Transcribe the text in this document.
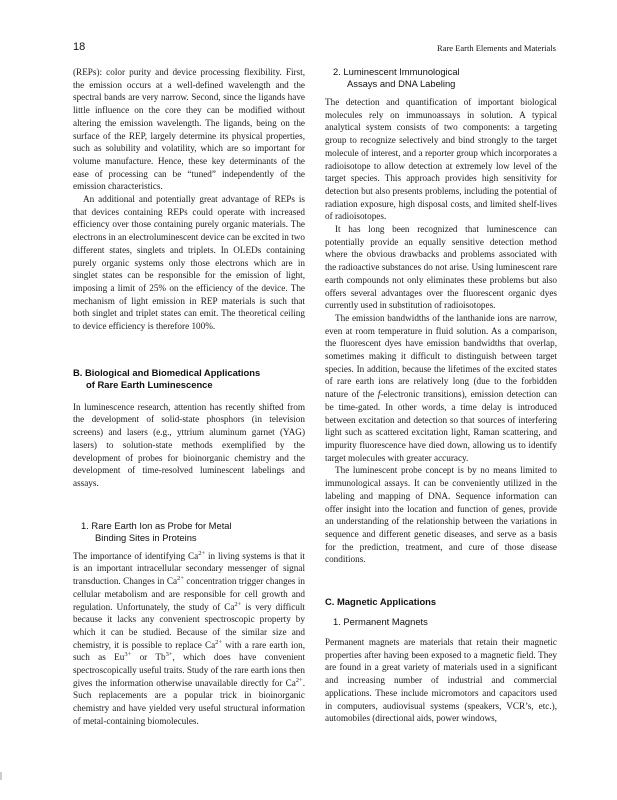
18	Rare Earth Elements and Materials

(REPs): color purity and device processing flexibility. First, the emission occurs at a well-defined wavelength and the spectral bands are very narrow. Second, since the ligands have little influence on the core they can be modified without altering the emission wavelength. The ligands, being on the surface of the REP, largely determine its physical properties, such as solubility and volatility, which are so important for volume manufacture. Hence, these key determinants of the ease of processing can be “tuned” independently of the emission characteristics.

An additional and potentially great advantage of REPs is that devices containing REPs could operate with increased efficiency over those containing purely organic materials. The electrons in an electroluminescent device can be excited in two different states, singlets and triplets. In OLEDs containing purely organic systems only those electrons which are in singlet states can be responsible for the emission of light, imposing a limit of 25% on the efficiency of the device. The mechanism of light emission in REP materials is such that both singlet and triplet states can emit. The theoretical ceiling to device efficiency is therefore 100%.

B. Biological and Biomedical Applications
of Rare Earth Luminescence

In luminescence research, attention has recently shifted from the development of solid-state phosphors (in television screens) and lasers (e.g., yttrium aluminum garnet (YAG) lasers) to solution-state methods exemplified by the development of probes for bioinorganic chemistry and the development of time-resolved luminescent labelings and assays.

1. Rare Earth Ion as Probe for Metal
Binding Sites in Proteins

The importance of identifying $Ca^{2+}$ in living systems is that it is an important intracellular secondary messenger of signal transduction. Changes in $Ca^{2+}$ concentration trigger changes in cellular metabolism and are responsible for cell growth and regulation. Unfortunately, the study of $Ca^{2+}$ is very difficult because it lacks any convenient spectroscopic property by which it can be studied. Because of the similar size and chemistry, it is possible to replace $Ca^{2+}$ with a rare earth ion, such as $Eu^{3+}$ or $Tb^{3+}$, which does have convenient spectroscopically useful traits. Study of the rare earth ions then gives the information otherwise unavailable directly for $Ca^{2+}$. Such replacements are a popular trick in bioinorganic chemistry and have yielded very useful structural information of metal-containing biomolecules.

2. Luminescent Immunological
Assays and DNA Labeling

The detection and quantification of important biological molecules rely on immunoassays in solution. A typical analytical system consists of two components: a targeting group to recognize selectively and bind strongly to the target molecule of interest, and a reporter group which incorporates a radioisotope to allow detection at extremely low level of the target species. This approach provides high sensitivity for detection but also presents problems, including the potential of radiation exposure, high disposal costs, and limited shelf-lives of radioisotopes.

It has long been recognized that luminescence can potentially provide an equally sensitive detection method where the obvious drawbacks and problems associated with the radioactive substances do not arise. Using luminescent rare earth compounds not only eliminates these problems but also offers several advantages over the fluorescent organic dyes currently used in substitution of radioisotopes.

The emission bandwidths of the lanthanide ions are narrow, even at room temperature in fluid solution. As a comparison, the fluorescent dyes have emission bandwidths that overlap, sometimes making it difficult to distinguish between target species. In addition, because the lifetimes of the excited states of rare earth ions are relatively long (due to the forbidden nature of the f-electronic transitions), emission detection can be time-gated. In other words, a time delay is introduced between excitation and detection so that sources of interfering light such as scattered excitation light, Raman scattering, and impurity fluorescence have died down, allowing us to identify target molecules with greater accuracy.

The luminescent probe concept is by no means limited to immunological assays. It can be conveniently utilized in the labeling and mapping of DNA. Sequence information can offer insight into the location and function of genes, provide an understanding of the relationship between the variations in sequence and different genetic diseases, and serve as a basis for the prediction, treatment, and cure of those disease conditions.

C. Magnetic Applications
1. Permanent Magnets

Permanent magnets are materials that retain their magnetic properties after having been exposed to a magnetic field. They are found in a great variety of materials used in a significant and increasing number of industrial and commercial applications. These include micromotors and capacitors used in computers, audiovisual systems (speakers, VCR’s, etc.), automobiles (directional aids, power windows,
